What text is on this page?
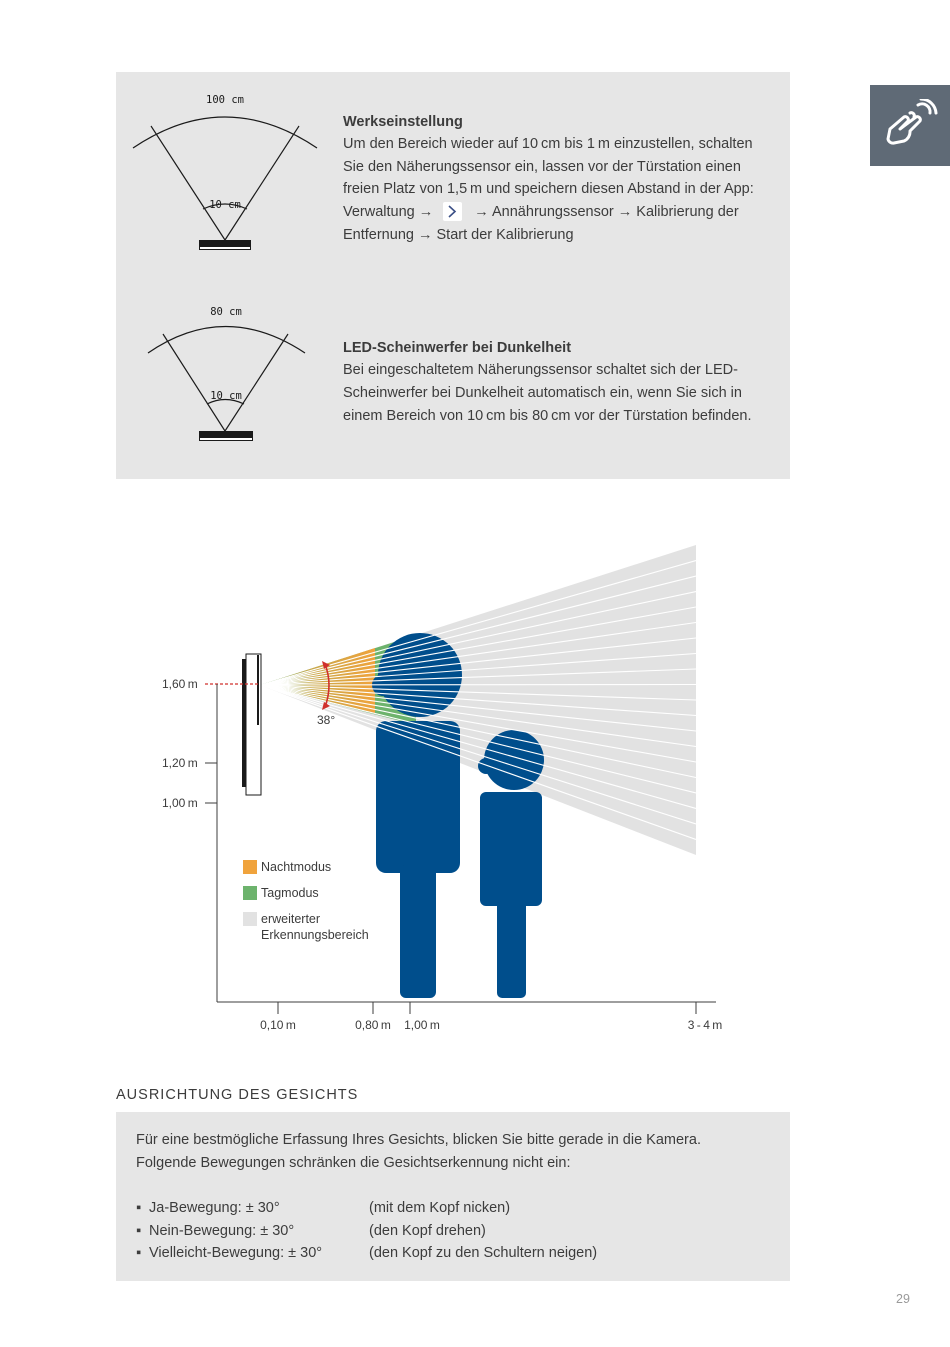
100 cm
10 cm
Werkseinstellung
Um den Bereich wieder auf 10 cm bis 1 m einzustellen, schalten
Sie den Näherungssensor ein, lassen vor der Türstation einen
freien Platz von 1,5 m und speichern diesen Abstand in der App:
Verwaltung →	→ Annährungssensor → Kalibrierung der
Entfernung → Start der Kalibrierung
80 cm
10 cm
LED-Scheinwerfer bei Dunkelheit
Bei eingeschaltetem Näherungssensor schaltet sich der LED-
Scheinwerfer bei Dunkelheit automatisch ein, wenn Sie sich in
einem Bereich von 10 cm bis 80 cm vor der Türstation befinden.
38°
1,60 m
1,20 m
1,00 m
0,10 m	0,80 m 1,00 m	3 - 4 m
Nachtmodus
Tagmodus
erweiterter
Erkennungsbereich
AUSRICHTUNG DES GESICHTS
Für eine bestmögliche Erfassung Ihres Gesichts, blicken Sie bitte gerade in die Kamera.
Folgende Bewegungen schränken die Gesichtserkennung nicht ein:
▪ Ja-Bewegung: ± 30°	(mit dem Kopf nicken)
▪ Nein-Bewegung: ± 30°	(den Kopf drehen)
▪ Vielleicht-Bewegung: ± 30°	(den Kopf zu den Schultern neigen)
29
